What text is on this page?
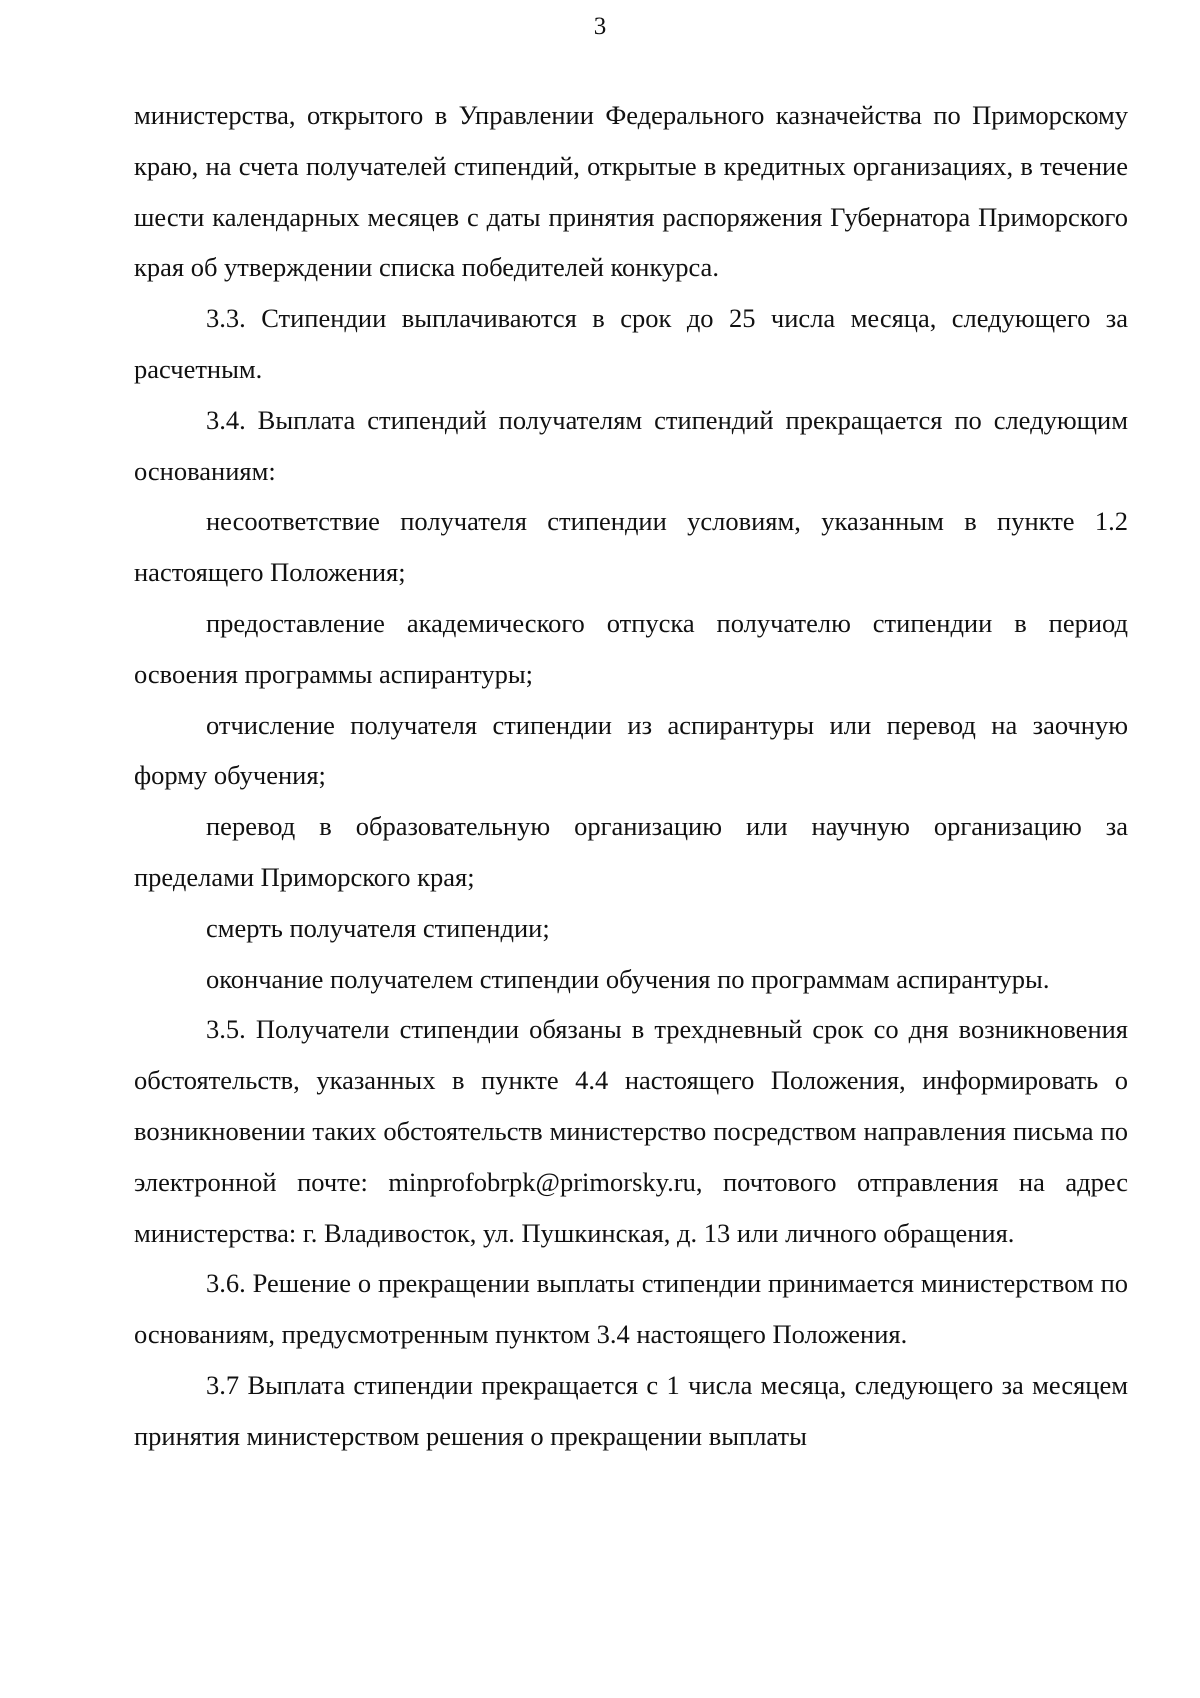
3

министерства, открытого в Управлении Федерального казначейства по Приморскому краю, на счета получателей стипендий, открытые в кредитных организациях, в течение шести календарных месяцев с даты принятия распоряжения Губернатора Приморского края об утверждении списка победителей конкурса.

3.3. Стипендии выплачиваются в срок до 25 числа месяца, следующего за расчетным.

3.4. Выплата стипендий получателям стипендий прекращается по следующим основаниям:

несоответствие получателя стипендии условиям, указанным в пункте 1.2 настоящего Положения;

предоставление академического отпуска получателю стипендии в период освоения программы аспирантуры;

отчисление получателя стипендии из аспирантуры или перевод на заочную форму обучения;

перевод в образовательную организацию или научную организацию за пределами Приморского края;

смерть получателя стипендии;

окончание получателем стипендии обучения по программам аспирантуры.

3.5. Получатели стипендии обязаны в трехдневный срок со дня возникновения обстоятельств, указанных в пункте 4.4 настоящего Положения, информировать о возникновении таких обстоятельств министерство посредством направления письма по электронной почте: minprofobrpk@primorsky.ru, почтового отправления на адрес министерства: г. Владивосток, ул. Пушкинская, д. 13 или личного обращения.

3.6. Решение о прекращении выплаты стипендии принимается министерством по основаниям, предусмотренным пунктом 3.4 настоящего Положения.

3.7 Выплата стипендии прекращается с 1 числа месяца, следующего за месяцем принятия министерством решения о прекращении выплаты
